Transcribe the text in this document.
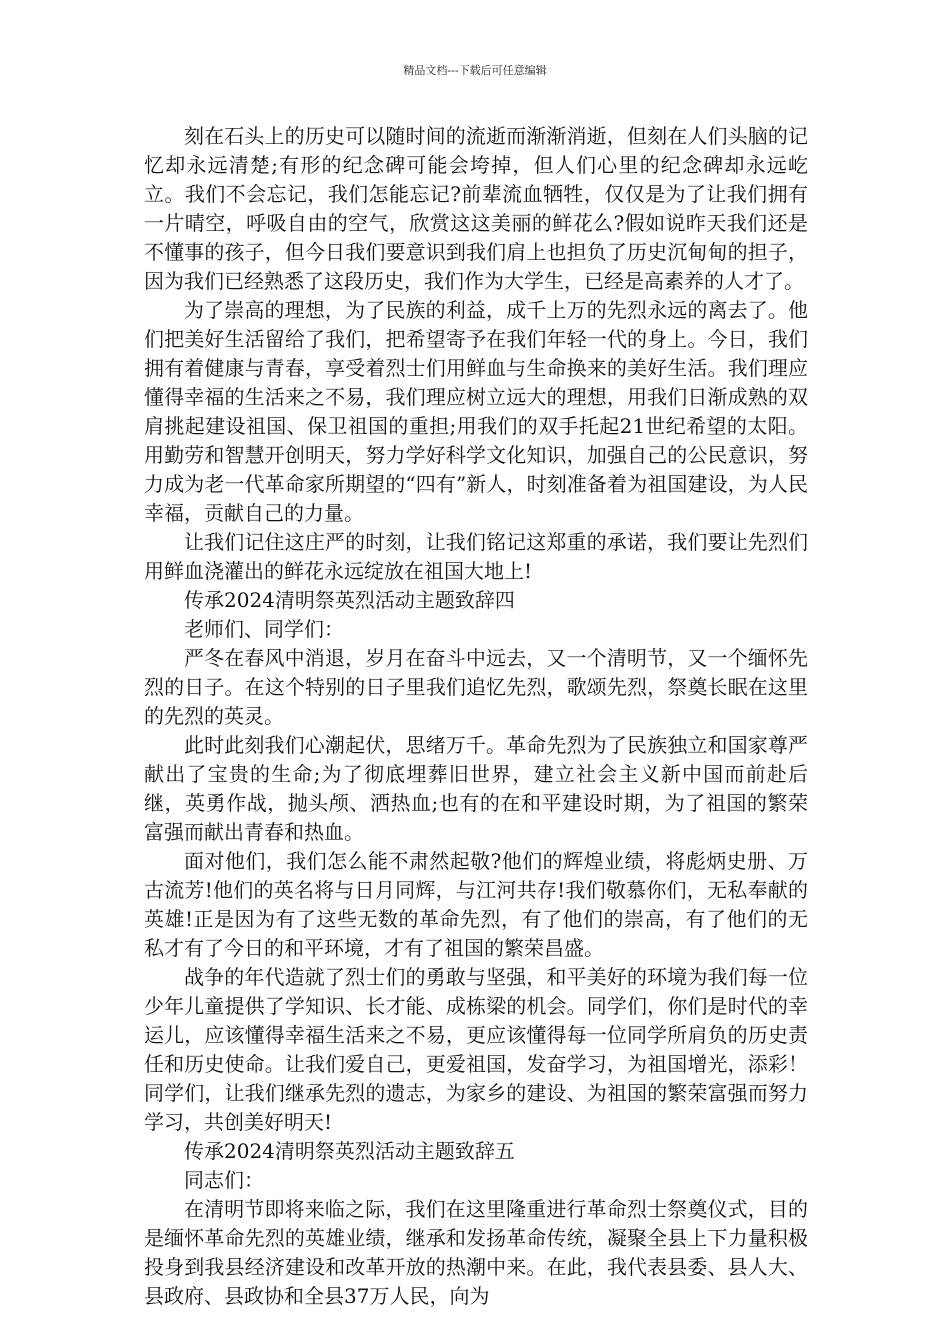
精品文档---下载后可任意编辑

刻在石头上的历史可以随时间的流逝而渐渐消逝，但刻在人们头脑的记忆却永远清楚;有形的纪念碑可能会垮掉，但人们心里的纪念碑却永远屹立。我们不会忘记，我们怎能忘记?前辈流血牺牲，仅仅是为了让我们拥有一片晴空，呼吸自由的空气，欣赏这这美丽的鲜花么?假如说昨天我们还是不懂事的孩子，但今日我们要意识到我们肩上也担负了历史沉甸甸的担子，因为我们已经熟悉了这段历史，我们作为大学生，已经是高素养的人才了。

为了崇高的理想，为了民族的利益，成千上万的先烈永远的离去了。他们把美好生活留给了我们，把希望寄予在我们年轻一代的身上。今日，我们拥有着健康与青春，享受着烈士们用鲜血与生命换来的美好生活。我们理应懂得幸福的生活来之不易，我们理应树立远大的理想，用我们日渐成熟的双肩挑起建设祖国、保卫祖国的重担;用我们的双手托起21世纪希望的太阳。用勤劳和智慧开创明天，努力学好科学文化知识，加强自己的公民意识，努力成为老一代革命家所期望的“四有”新人，时刻准备着为祖国建设，为人民幸福，贡献自己的力量。

让我们记住这庄严的时刻，让我们铭记这郑重的承诺，我们要让先烈们用鲜血浇灌出的鲜花永远绽放在祖国大地上!

传承2024清明祭英烈活动主题致辞四

老师们、同学们：

严冬在春风中消退，岁月在奋斗中远去，又一个清明节，又一个缅怀先烈的日子。在这个特别的日子里我们追忆先烈，歌颂先烈，祭奠长眠在这里的先烈的英灵。

此时此刻我们心潮起伏，思绪万千。革命先烈为了民族独立和国家尊严献出了宝贵的生命;为了彻底埋葬旧世界，建立社会主义新中国而前赴后继，英勇作战，抛头颅、洒热血;也有的在和平建设时期，为了祖国的繁荣富强而献出青春和热血。

面对他们，我们怎么能不肃然起敬?他们的辉煌业绩，将彪炳史册、万古流芳!他们的英名将与日月同辉，与江河共存!我们敬慕你们，无私奉献的英雄!正是因为有了这些无数的革命先烈，有了他们的崇高，有了他们的无私才有了今日的和平环境，才有了祖国的繁荣昌盛。

战争的年代造就了烈士们的勇敢与坚强，和平美好的环境为我们每一位少年儿童提供了学知识、长才能、成栋梁的机会。同学们，你们是时代的幸运儿，应该懂得幸福生活来之不易，更应该懂得每一位同学所肩负的历史责任和历史使命。让我们爱自己，更爱祖国，发奋学习，为祖国增光，添彩！同学们，让我们继承先烈的遗志，为家乡的建设、为祖国的繁荣富强而努力学习，共创美好明天!

传承2024清明祭英烈活动主题致辞五

同志们：

在清明节即将来临之际，我们在这里隆重进行革命烈士祭奠仪式，目的是缅怀革命先烈的英雄业绩，继承和发扬革命传统，凝聚全县上下力量积极投身到我县经济建设和改革开放的热潮中来。在此，我代表县委、县人大、县政府、县政协和全县37万人民，向为
